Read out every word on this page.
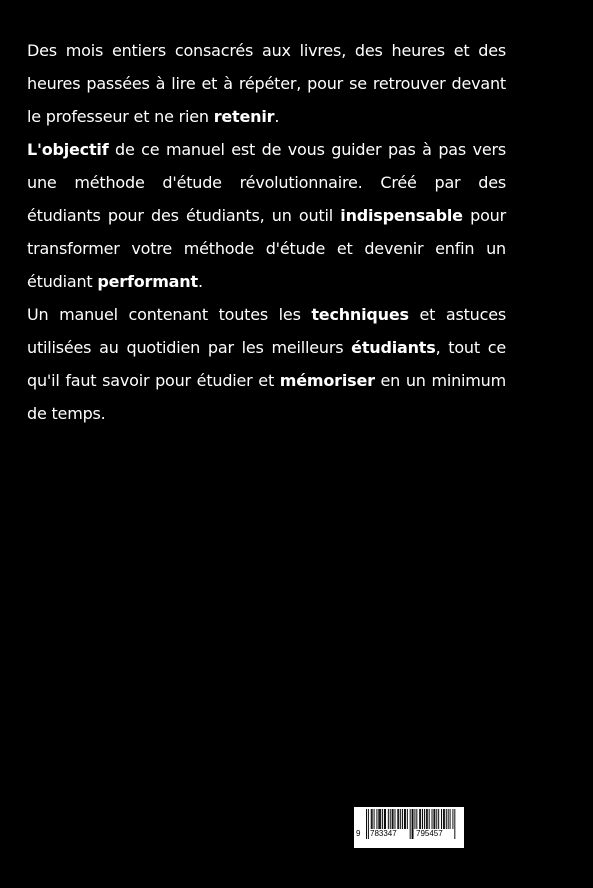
Des mois entiers consacrés aux livres, des heures et des heures passées à lire et à répéter, pour se retrouver devant le professeur et ne rien retenir.

L'objectif de ce manuel est de vous guider pas à pas vers une méthode d'étude révolutionnaire. Créé par des étudiants pour des étudiants, un outil indispensable pour transformer votre méthode d'étude et devenir enfin un étudiant performant.

Un manuel contenant toutes les techniques et astuces utilisées au quotidien par les meilleurs étudiants, tout ce qu'il faut savoir pour étudier et mémoriser en un minimum de temps.

9 783347 795457
